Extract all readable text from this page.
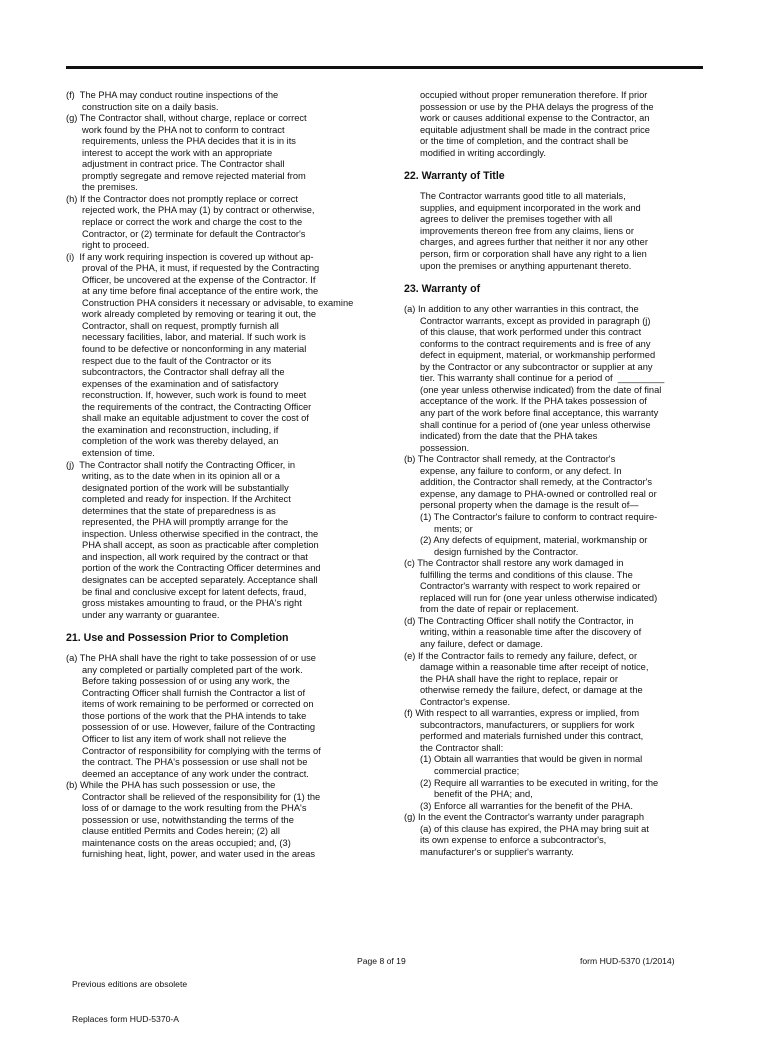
(f)  The PHA may conduct routine inspections of the
construction site on a daily basis.
(g) The Contractor shall, without charge, replace or correct
work found by the PHA not to conform to contract
requirements, unless the PHA decides that it is in its
interest to accept the work with an appropriate
adjustment in contract price. The Contractor shall
promptly segregate and remove rejected material from
the premises.
(h) If the Contractor does not promptly replace or correct
rejected work, the PHA may (1) by contract or otherwise,
replace or correct the work and charge the cost to the
Contractor, or (2) terminate for default the Contractor's
right to proceed.
(i)  If any work requiring inspection is covered up without ap-
proval of the PHA, it must, if requested by the Contracting
Officer, be uncovered at the expense of the Contractor. If
at any time before final acceptance of the entire work, the
Construction PHA considers it necessary or advisable, to examine
work already completed by removing or tearing it out, the
Contractor, shall on request, promptly furnish all
necessary facilities, labor, and material. If such work is
found to be defective or nonconforming in any material
respect due to the fault of the Contractor or its
subcontractors, the Contractor shall defray all the
expenses of the examination and of satisfactory
reconstruction. If, however, such work is found to meet
the requirements of the contract, the Contracting Officer
shall make an equitable adjustment to cover the cost of
the examination and reconstruction, including, if
completion of the work was thereby delayed, an
extension of time.
(j)  The Contractor shall notify the Contracting Officer, in
writing, as to the date when in its opinion all or a
designated portion of the work will be substantially
completed and ready for inspection. If the Architect
determines that the state of preparedness is as
represented, the PHA will promptly arrange for the
inspection. Unless otherwise specified in the contract, the
PHA shall accept, as soon as practicable after completion
and inspection, all work required by the contract or that
portion of the work the Contracting Officer determines and
designates can be accepted separately. Acceptance shall
be final and conclusive except for latent defects, fraud,
gross mistakes amounting to fraud, or the PHA's right
under any warranty or guarantee.
21. Use and Possession Prior to Completion
(a) The PHA shall have the right to take possession of or use
any completed or partially completed part of the work.
Before taking possession of or using any work, the
Contracting Officer shall furnish the Contractor a list of
items of work remaining to be performed or corrected on
those portions of the work that the PHA intends to take
possession of or use. However, failure of the Contracting
Officer to list any item of work shall not relieve the
Contractor of responsibility for complying with the terms of
the contract. The PHA's possession or use shall not be
deemed an acceptance of any work under the contract.
(b) While the PHA has such possession or use, the
Contractor shall be relieved of the responsibility for (1) the
loss of or damage to the work resulting from the PHA's
possession or use, notwithstanding the terms of the
clause entitled Permits and Codes herein; (2) all
maintenance costs on the areas occupied; and, (3)
furnishing heat, light, power, and water used in the areas
occupied without proper remuneration therefore. If prior
possession or use by the PHA delays the progress of the
work or causes additional expense to the Contractor, an
equitable adjustment shall be made in the contract price
or the time of completion, and the contract shall be
modified in writing accordingly.
22. Warranty of Title
The Contractor warrants good title to all materials,
supplies, and equipment incorporated in the work and
agrees to deliver the premises together with all
improvements thereon free from any claims, liens or
charges, and agrees further that neither it nor any other
person, firm or corporation shall have any right to a lien
upon the premises or anything appurtenant thereto.
23. Warranty of
(a) In addition to any other warranties in this contract, the
Contractor warrants, except as provided in paragraph (j)
of this clause, that work performed under this contract
conforms to the contract requirements and is free of any
defect in equipment, material, or workmanship performed
by the Contractor or any subcontractor or supplier at any
tier. This warranty shall continue for a period of  _________
(one year unless otherwise indicated) from the date of final
acceptance of the work. If the PHA takes possession of
any part of the work before final acceptance, this warranty
shall continue for a period of (one year unless otherwise
indicated) from the date that the PHA takes
possession.
(b) The Contractor shall remedy, at the Contractor's
expense, any failure to conform, or any defect. In
addition, the Contractor shall remedy, at the Contractor's
expense, any damage to PHA-owned or controlled real or
personal property when the damage is the result of—
(1) The Contractor's failure to conform to contract require-
ments; or
(2) Any defects of equipment, material, workmanship or
design furnished by the Contractor.
(c) The Contractor shall restore any work damaged in
fulfilling the terms and conditions of this clause. The
Contractor's warranty with respect to work repaired or
replaced will run for (one year unless otherwise indicated)
from the date of repair or replacement.
(d) The Contracting Officer shall notify the Contractor, in
writing, within a reasonable time after the discovery of
any failure, defect or damage.
(e) If the Contractor fails to remedy any failure, defect, or
damage within a reasonable time after receipt of notice,
the PHA shall have the right to replace, repair or
otherwise remedy the failure, defect, or damage at the
Contractor's expense.
(f) With respect to all warranties, express or implied, from
subcontractors, manufacturers, or suppliers for work
performed and materials furnished under this contract,
the Contractor shall:
(1) Obtain all warranties that would be given in normal
commercial practice;
(2) Require all warranties to be executed in writing, for the
benefit of the PHA; and,
(3) Enforce all warranties for the benefit of the PHA.
(g) In the event the Contractor's warranty under paragraph
(a) of this clause has expired, the PHA may bring suit at
its own expense to enforce a subcontractor's,
manufacturer's or supplier's warranty.

Previous editions are obsolete

Replaces form HUD-5370-A

Page 8 of 19	form HUD-5370 (1/2014)
